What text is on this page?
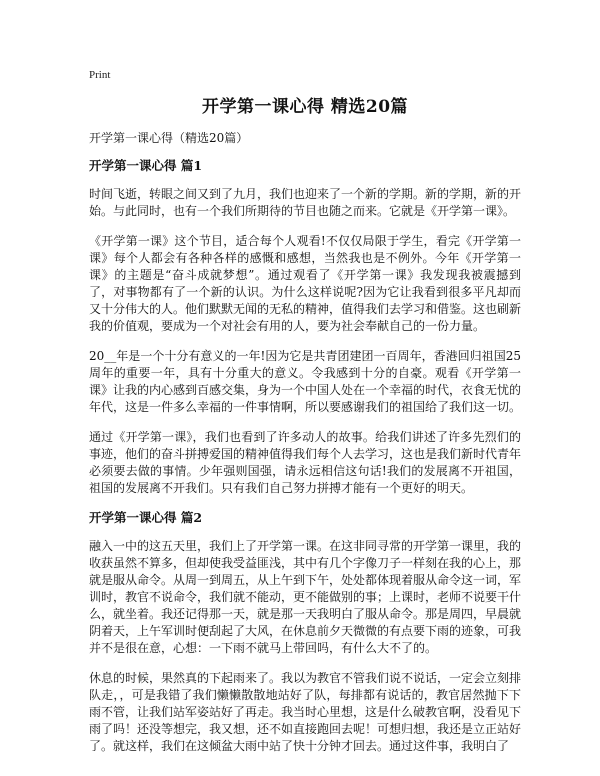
Print
开学第一课心得 精选20篇
开学第一课心得（精选20篇）
开学第一课心得 篇1

时间飞逝，转眼之间又到了九月，我们也迎来了一个新的学期。新的学期，新的开始。与此同时，也有一个我们所期待的节目也随之而来。它就是《开学第一课》。

《开学第一课》这个节目，适合每个人观看!不仅仅局限于学生，看完《开学第一课》每个人都会有各种各样的感慨和感想，当然我也是不例外。今年《开学第一课》的主题是“奋斗成就梦想”。通过观看了《开学第一课》我发现我被震撼到了，对事物都有了一个新的认识。为什么这样说呢?因为它让我看到很多平凡却而又十分伟大的人。他们默默无闻的无私的精神，值得我们去学习和借鉴。这也刷新我的价值观，要成为一个对社会有用的人，要为社会奉献自己的一份力量。

20__年是一个十分有意义的一年!因为它是共青团建团一百周年，香港回归祖国25周年的重要一年，具有十分重大的意义。令我感到十分的自豪。观看《开学第一课》让我的内心感到百感交集，身为一个中国人处在一个幸福的时代，衣食无忧的年代，这是一件多么幸福的一件事情啊，所以要感谢我们的祖国给了我们这一切。

通过《开学第一课》，我们也看到了许多动人的故事。给我们讲述了许多先烈们的事迹，他们的奋斗拼搏爱国的精神值得我们每个人去学习，这也是我们新时代青年必须要去做的事情。少年强则国强，请永远相信这句话!我们的发展离不开祖国，祖国的发展离不开我们。只有我们自己努力拼搏才能有一个更好的明天。

开学第一课心得 篇2

融入一中的这五天里，我们上了开学第一课。在这非同寻常的开学第一课里，我的收获虽然不算多，但却使我受益匪浅，其中有几个字像刀子一样刻在我的心上，那就是服从命令。从周一到周五，从上午到下午，处处都体现着服从命令这一词，军训时，教官不说命令，我们就不能动，更不能做别的事；上课时，老师不说要干什么，就坐着。我还记得那一天，就是那一天我明白了服从命令。那是周四，早晨就阴着天，上午军训时便刮起了大风，在休息前夕天微微的有点要下雨的迹象，可我并不是很在意，心想：一下雨不就马上带回吗，有什么大不了的。

休息的时候，果然真的下起雨来了。我以为教官不管我们说不说话，一定会立刻排队走，，可是我错了我们懒懒散散地站好了队，每排都有说话的，教官居然抛下下雨不管，让我们站军姿站好了再走。我当时心里想，这是什么破教官啊，没看见下雨了吗！还没等想完，我又想，还不如直接跑回去呢！可想归想，我还是立正站好了。就这样，我们在这倾盆大雨中站了快十分钟才回去。通过这件事，我明白了
